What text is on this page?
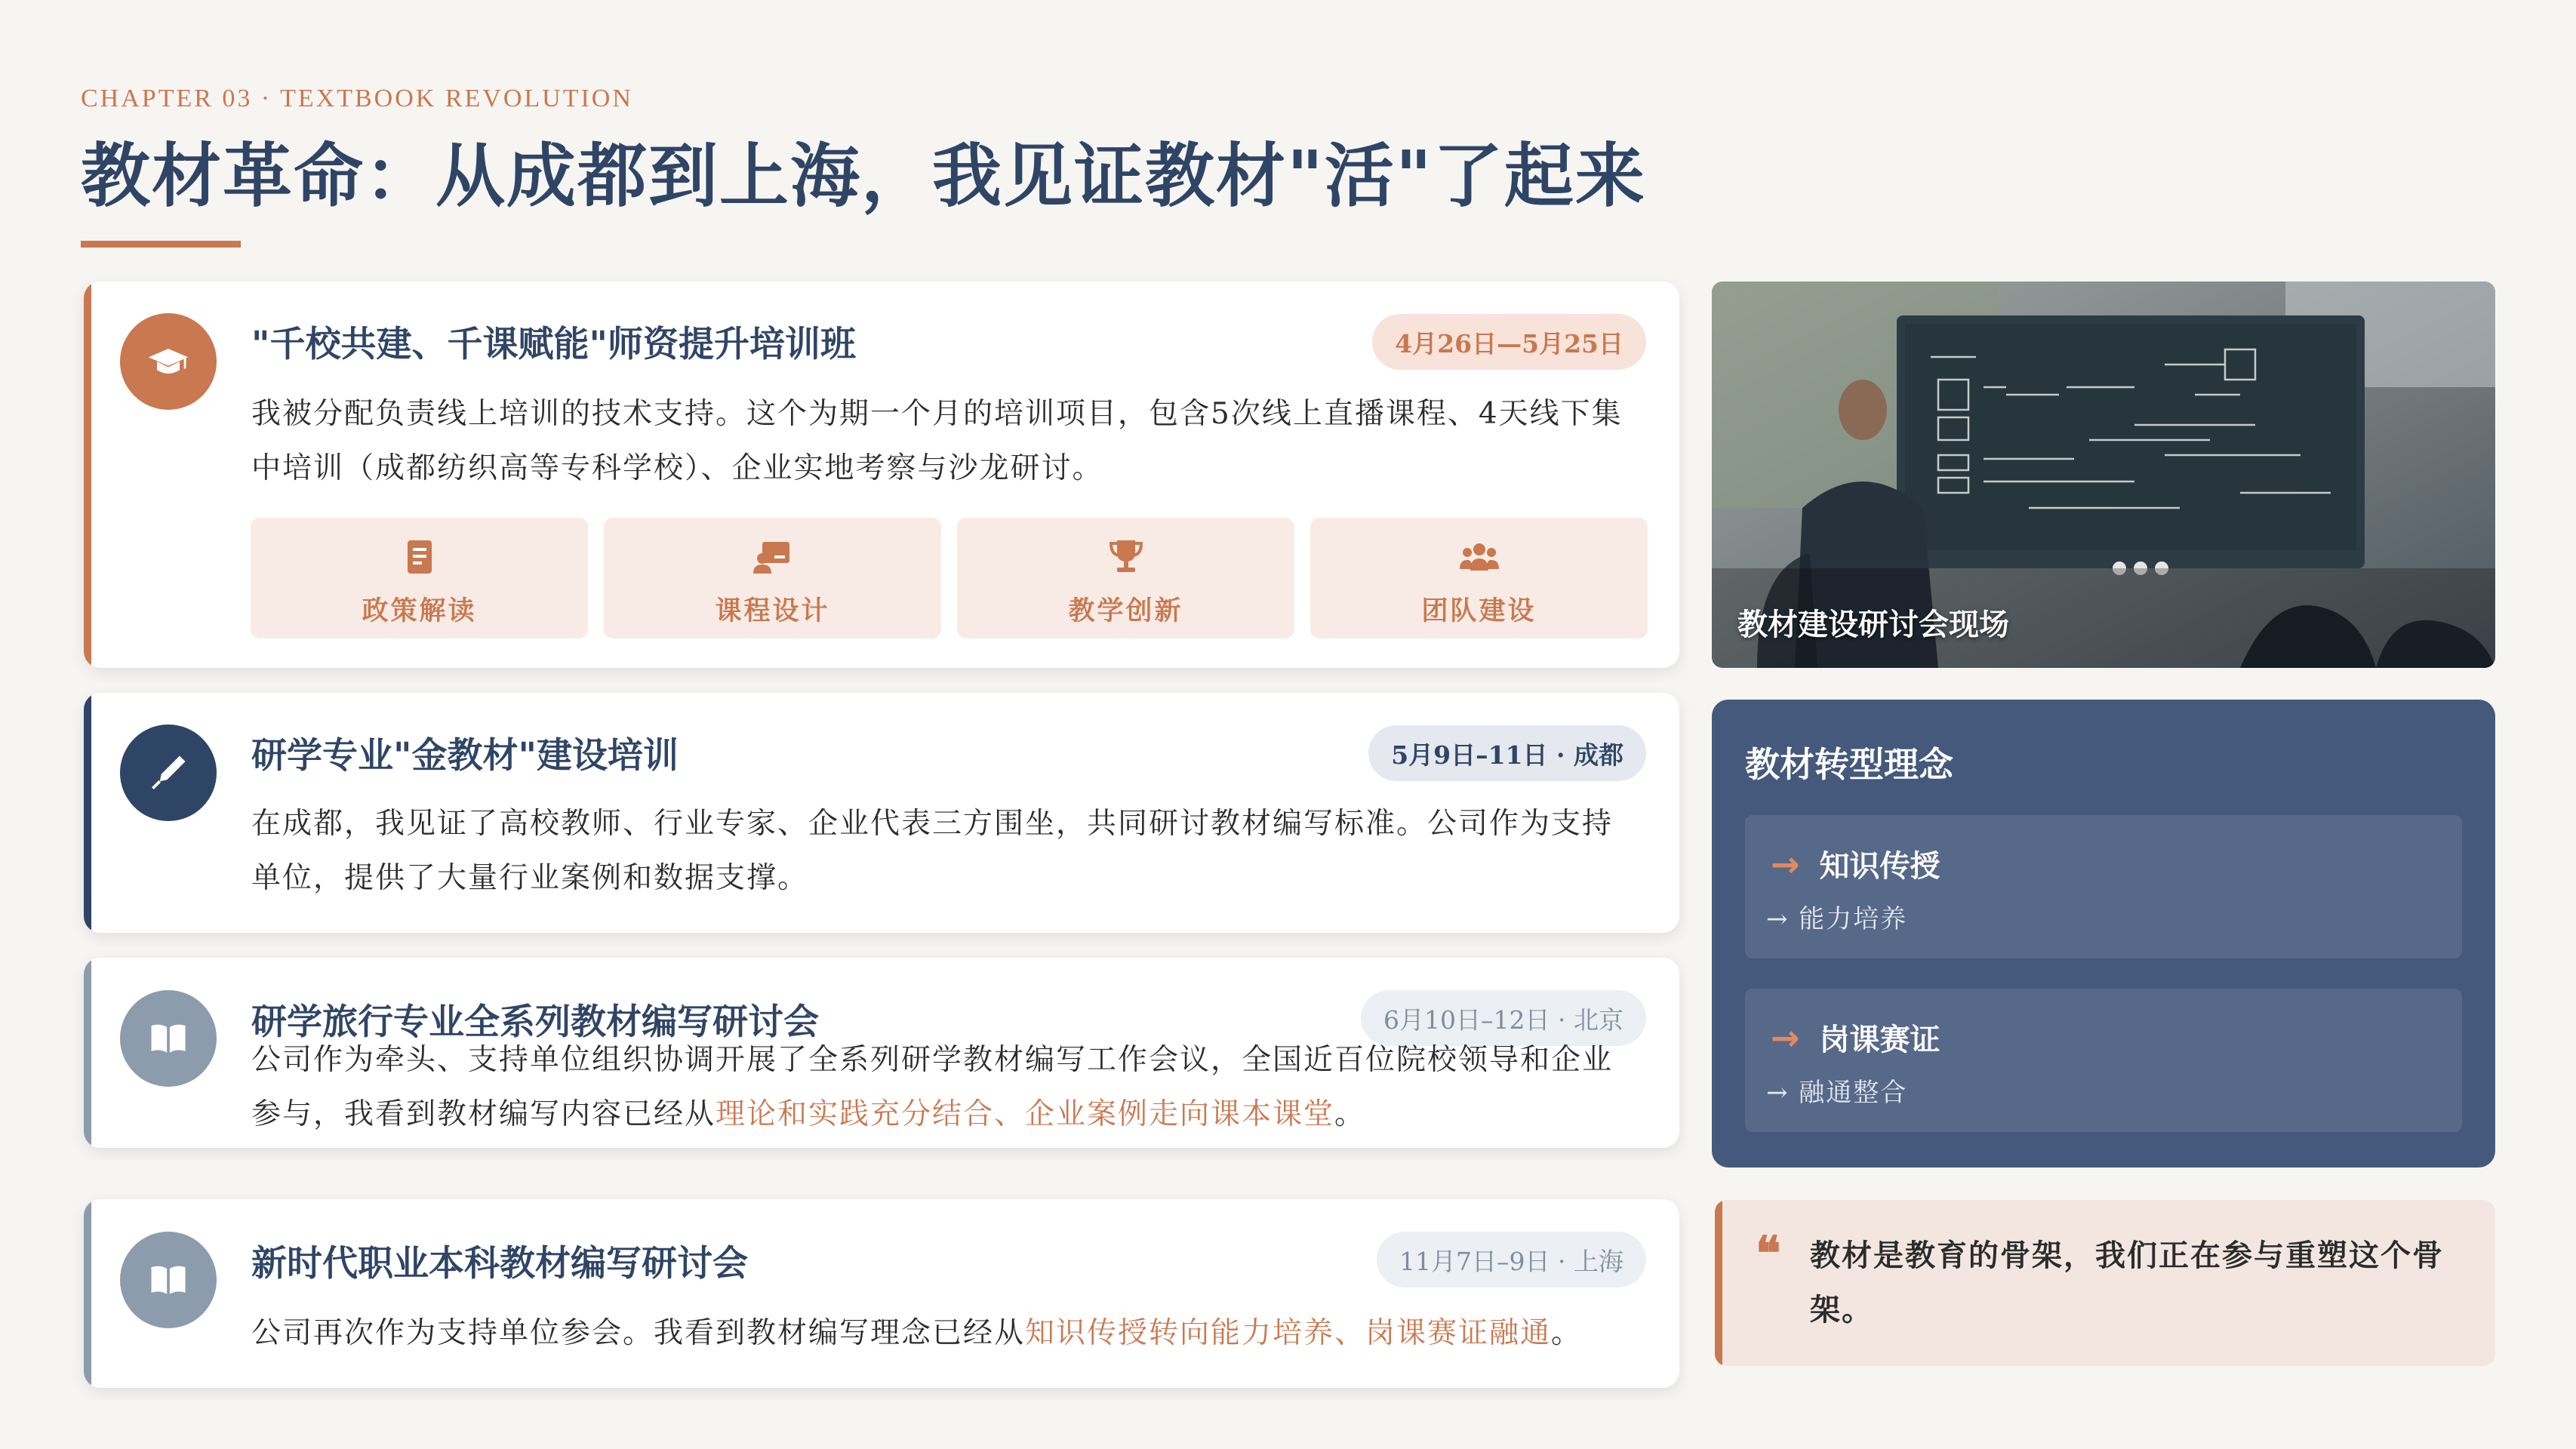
CHAPTER 03 · TEXTBOOK REVOLUTION
教材革命：从成都到上海，我见证教材"活"了起来
"千校共建、千课赋能"师资提升培训班	4月26日—5月25日
我被分配负责线上培训的技术支持。这个为期一个月的培训项目，包含5次线上直播课程、4天线下集中培训（成都纺织高等专科学校）、企业实地考察与沙龙研讨。
政策解读	课程设计	教学创新	团队建设
研学专业"金教材"建设培训	5月9日–11日 · 成都
在成都，我见证了高校教师、行业专家、企业代表三方围坐，共同研讨教材编写标准。公司作为支持单位，提供了大量行业案例和数据支撑。
研学旅行专业全系列教材编写研讨会	6月10日–12日 · 北京
公司作为牵头、支持单位组织协调开展了全系列研学教材编写工作会议，全国近百位院校领导和企业参与，我看到教材编写内容已经从理论和实践充分结合、企业案例走向课本课堂。
新时代职业本科教材编写研讨会	11月7日–9日 · 上海
公司再次作为支持单位参会。我看到教材编写理念已经从知识传授转向能力培养、岗课赛证融通。
教材建设研讨会现场
教材转型理念
→ 知识传授
→ 能力培养
→ 岗课赛证
→ 融通整合
❝ 教材是教育的骨架，我们正在参与重塑这个骨架。
